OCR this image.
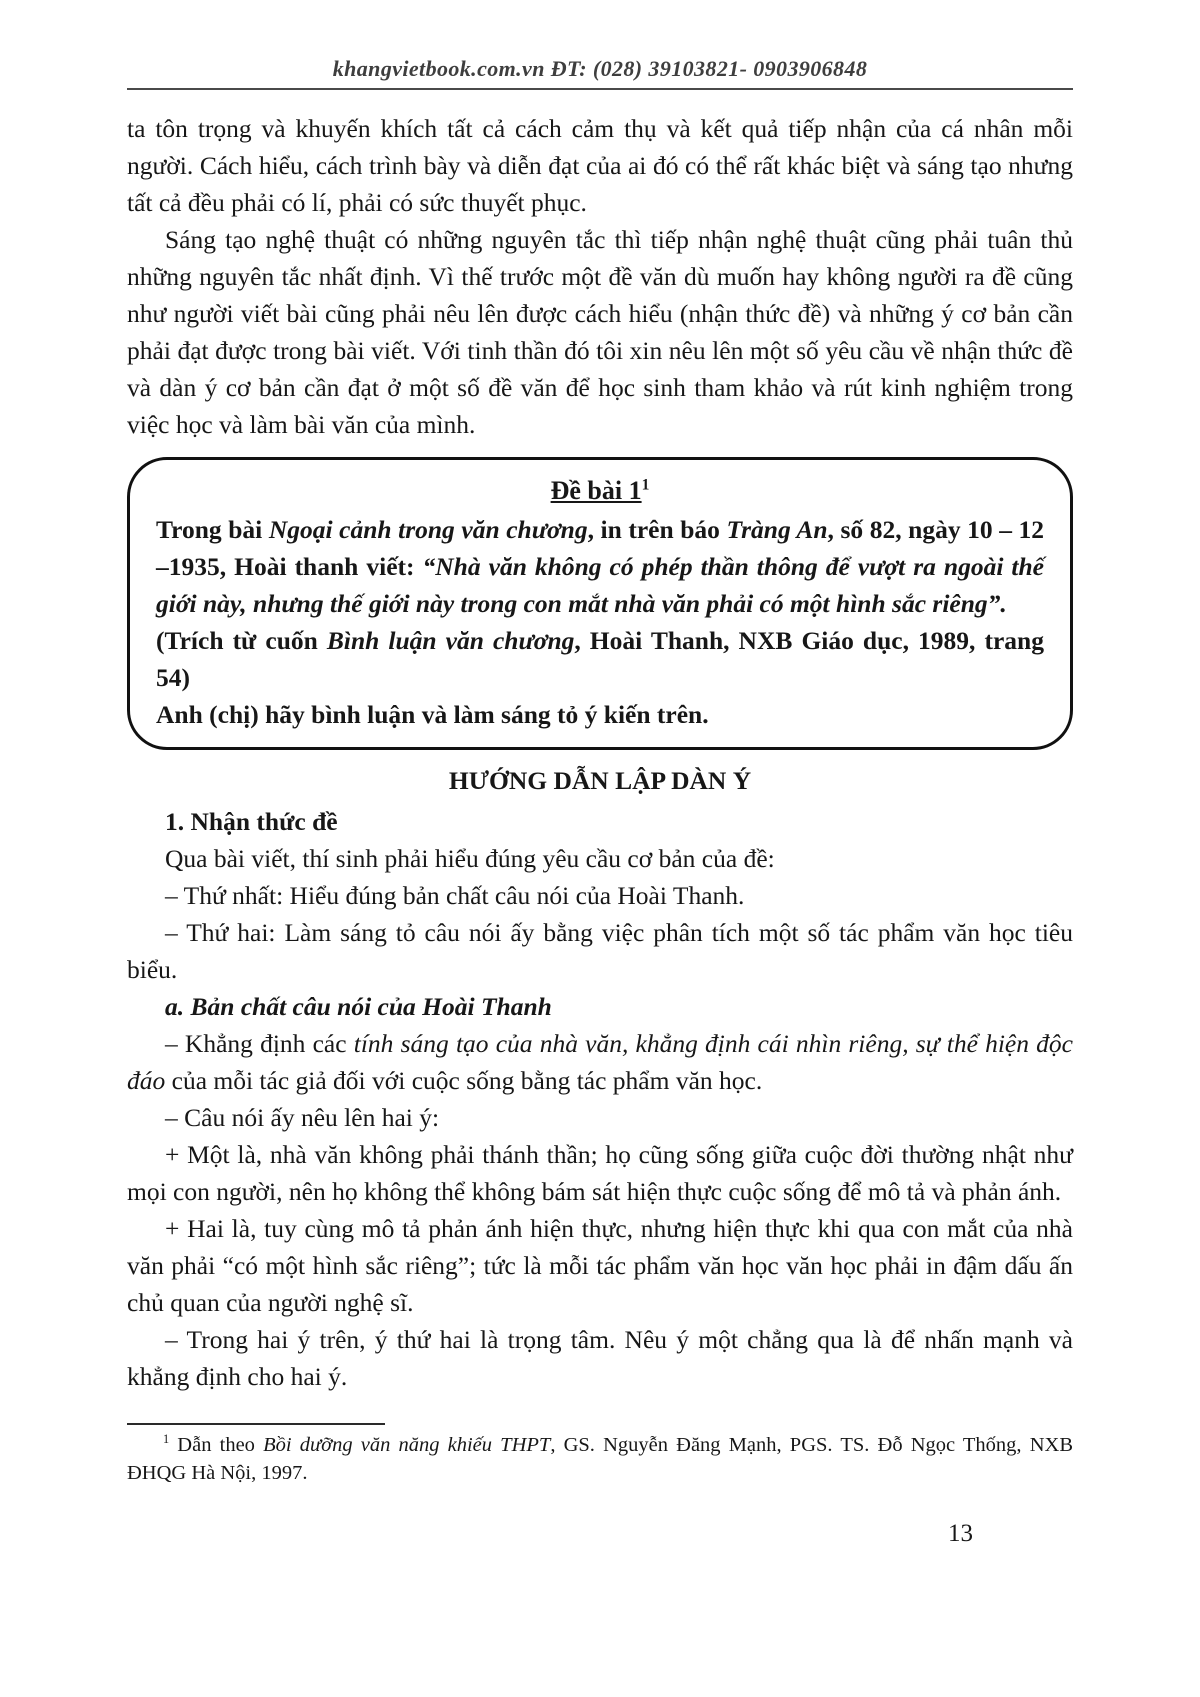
khangvietbook.com.vn ĐT: (028) 39103821- 0903906848

ta tôn trọng và khuyến khích tất cả cách cảm thụ và kết quả tiếp nhận của cá nhân mỗi người. Cách hiểu, cách trình bày và diễn đạt của ai đó có thể rất khác biệt và sáng tạo nhưng tất cả đều phải có lí, phải có sức thuyết phục.

Sáng tạo nghệ thuật có những nguyên tắc thì tiếp nhận nghệ thuật cũng phải tuân thủ những nguyên tắc nhất định. Vì thế trước một đề văn dù muốn hay không người ra đề cũng như người viết bài cũng phải nêu lên được cách hiểu (nhận thức đề) và những ý cơ bản cần phải đạt được trong bài viết. Với tinh thần đó tôi xin nêu lên một số yêu cầu về nhận thức đề và dàn ý cơ bản cần đạt ở một số đề văn để học sinh tham khảo và rút kinh nghiệm trong việc học và làm bài văn của mình.

Đề bài $1^1$

Trong bài Ngoại cảnh trong văn chương, in trên báo Tràng An, số 82, ngày 10 – 12 –1935, Hoài thanh viết: “Nhà văn không có phép thần thông để vượt ra ngoài thế giới này, nhưng thế giới này trong con mắt nhà văn phải có một hình sắc riêng”.

(Trích từ cuốn Bình luận văn chương, Hoài Thanh, NXB Giáo dục, 1989, trang 54)

Anh (chị) hãy bình luận và làm sáng tỏ ý kiến trên.

HƯỚNG DẪN LẬP DÀN Ý

1. Nhận thức đề

Qua bài viết, thí sinh phải hiểu đúng yêu cầu cơ bản của đề:

– Thứ nhất: Hiểu đúng bản chất câu nói của Hoài Thanh.

– Thứ hai: Làm sáng tỏ câu nói ấy bằng việc phân tích một số tác phẩm văn học tiêu biểu.

a. Bản chất câu nói của Hoài Thanh

– Khẳng định các tính sáng tạo của nhà văn, khẳng định cái nhìn riêng, sự thể hiện độc đáo của mỗi tác giả đối với cuộc sống bằng tác phẩm văn học.

– Câu nói ấy nêu lên hai ý:

+ Một là, nhà văn không phải thánh thần; họ cũng sống giữa cuộc đời thường nhật như mọi con người, nên họ không thể không bám sát hiện thực cuộc sống để mô tả và phản ánh.

+ Hai là, tuy cùng mô tả phản ánh hiện thực, nhưng hiện thực khi qua con mắt của nhà văn phải “có một hình sắc riêng”; tức là mỗi tác phẩm văn học văn học phải in đậm dấu ấn chủ quan của người nghệ sĩ.

– Trong hai ý trên, ý thứ hai là trọng tâm. Nêu ý một chẳng qua là để nhấn mạnh và khẳng định cho hai ý.

$^1$ Dẫn theo Bồi dưỡng văn năng khiếu THPT, GS. Nguyễn Đăng Mạnh, PGS. TS. Đỗ Ngọc Thống, NXB ĐHQG Hà Nội, 1997.

13
